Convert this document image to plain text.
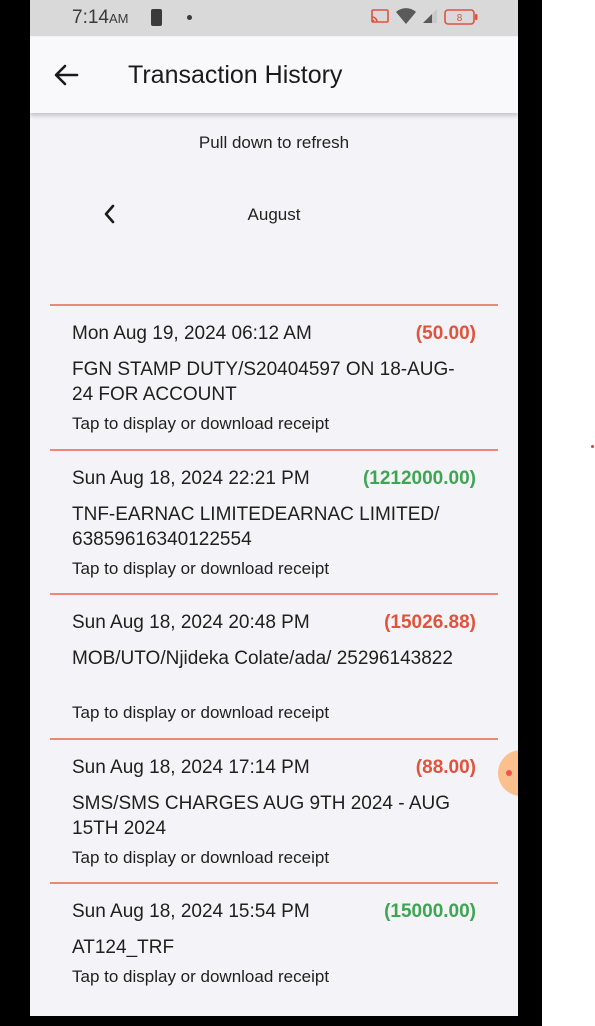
7:14AM	8
Transaction History
Pull down to refresh
August
Mon Aug 19, 2024 06:12 AM	(50.00)
FGN STAMP DUTY/S20404597 ON 18-AUG-24 FOR ACCOUNT
Tap to display or download receipt
Sun Aug 18, 2024 22:21 PM	(1212000.00)
TNF-EARNAC LIMITEDEARNAC LIMITED/ 63859616340122554
Tap to display or download receipt
Sun Aug 18, 2024 20:48 PM	(15026.88)
MOB/UTO/Njideka Colate/ada/ 25296143822
Tap to display or download receipt
Sun Aug 18, 2024 17:14 PM	(88.00)
SMS/SMS CHARGES AUG 9TH 2024 - AUG 15TH 2024
Tap to display or download receipt
Sun Aug 18, 2024 15:54 PM	(15000.00)
AT124_TRF
Tap to display or download receipt
